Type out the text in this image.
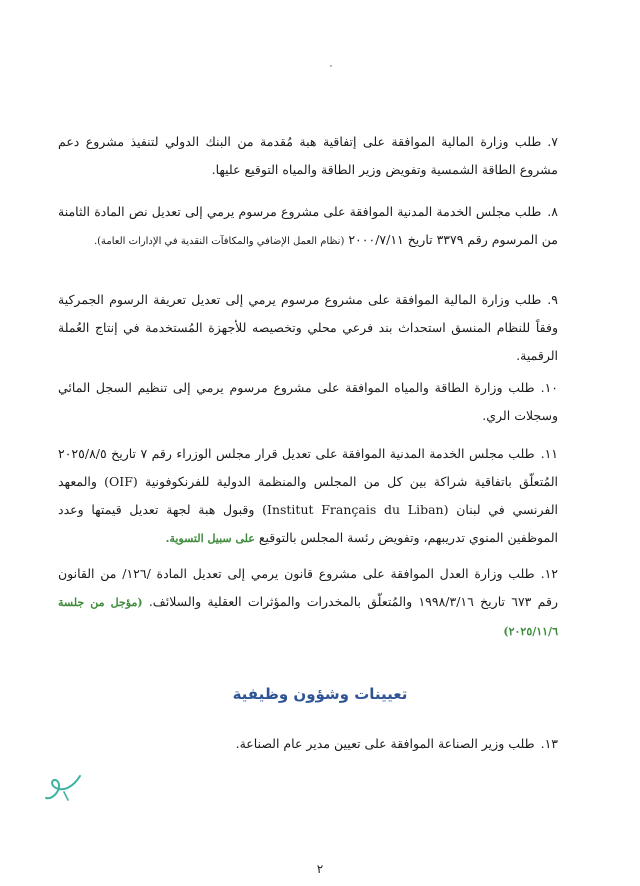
٧.طلب وزارة المالية الموافقة على إتفاقية هبة مُقدمة من البنك الدولي لتنفيذ مشروع دعم مشروع الطاقة الشمسية وتفويض وزير الطاقة والمياه التوقيع عليها.
٨.طلب مجلس الخدمة المدنية الموافقة على مشروع مرسوم يرمي إلى تعديل نص المادة الثامنة من المرسوم رقم ٣٣٧٩ تاريخ ٢٠٠٠/٧/١١ (نظام العمل الإضافي والمكافآت النقدية في الإدارات العامة).
٩.طلب وزارة المالية الموافقة على مشروع مرسوم يرمي إلى تعديل تعريفة الرسوم الجمركية وفقاً للنظام المنسق استحداث بند فرعي محلي وتخصيصه للأجهزة المُستخدمة في إنتاج العُملة الرقمية.
١٠.طلب وزارة الطاقة والمياه الموافقة على مشروع مرسوم يرمي إلى تنظيم السجل المائي وسجلات الري.
١١.طلب مجلس الخدمة المدنية الموافقة على تعديل قرار مجلس الوزراء رقم ٧ تاريخ ٢٠٢٥/٨/٥ المُتعلّق باتفاقية شراكة بين كل من المجلس والمنظمة الدولية للفرنكوفونية (OIF) والمعهد الفرنسي في لبنان (Institut Français du Liban) وقبول هبة لجهة تعديل قيمتها وعدد الموظفين المنوي تدريبهم، وتفويض رئسة المجلس بالتوقيع على سبيل التسوية.
١٢.طلب وزارة العدل الموافقة على مشروع قانون يرمي إلى تعديل المادة /١٢٦/ من القانون رقم ٦٧٣ تاريخ ١٩٩٨/٣/١٦ والمُتعلّق بالمخدرات والمؤثرات العقلية والسلائف. (مؤجل من جلسة ٢٠٢٥/١١/٦)
تعيينات وشؤون وظيفية
١٣.طلب وزير الصناعة الموافقة على تعيين مدير عام الصناعة.
٢
